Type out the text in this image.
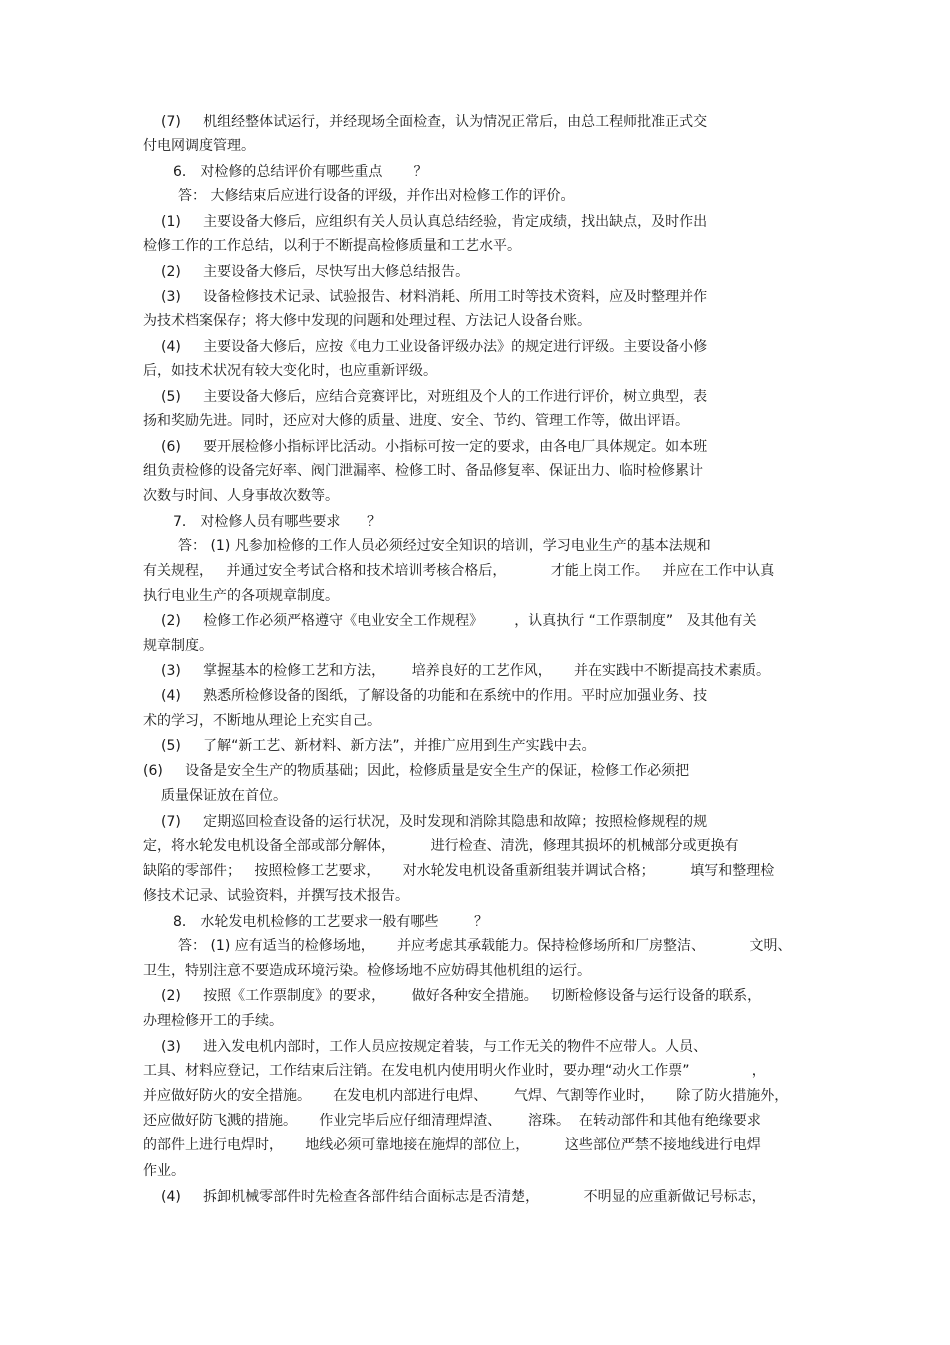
(7)     机组经整体试运行，并经现场全面检查，认为情况正常后，由总工程师批准正式交
付电网调度管理。
6． 对检修的总结评价有哪些重点       ？
答： 大修结束后应进行设备的评级，并作出对检修工作的评价。
(1)     主要设备大修后，应组织有关人员认真总结经验，肯定成绩，找出缺点，及时作出
检修工作的工作总结，以利于不断提高检修质量和工艺水平。
(2)     主要设备大修后，尽快写出大修总结报告。
(3)     设备检修技术记录、试验报告、材料消耗、所用工时等技术资料，应及时整理并作
为技术档案保存；将大修中发现的问题和处理过程、方法记人设备台账。
(4)     主要设备大修后，应按《电力工业设备评级办法》的规定进行评级。主要设备小修
后，如技术状况有较大变化时，也应重新评级。
(5)     主要设备大修后，应结合竞赛评比，对班组及个人的工作进行评价，树立典型，表
扬和奖励先进。同时，还应对大修的质量、进度、安全、节约、管理工作等，做出评语。
(6)     要开展检修小指标评比活动。小指标可按一定的要求，由各电厂具体规定。如本班
组负责检修的设备完好率、阀门泄漏率、检修工时、备品修复率、保证出力、临时检修累计
次数与时间、人身事故次数等。
7． 对检修人员有哪些要求      ？
答： (1) 凡参加检修的工作人员必须经过安全知识的培训，学习电业生产的基本法规和
有关规程，   并通过安全考试合格和技术培训考核合格后，          才能上岗工作。   并应在工作中认真
执行电业生产的各项规章制度。
(2)     检修工作必须严格遵守《电业安全工作规程》       ，认真执行 “工作票制度”   及其他有关
规章制度。
(3)     掌握基本的检修工艺和方法，      培养良好的工艺作风，     并在实践中不断提高技术素质。
(4)     熟悉所检修设备的图纸，了解设备的功能和在系统中的作用。平时应加强业务、技
术的学习，不断地从理论上充实自己。
(5)     了解“新工艺、新材料、新方法”，并推广应用到生产实践中去。
(6)     设备是安全生产的物质基础；因此，检修质量是安全生产的保证，检修工作必须把
质量保证放在首位。
(7)     定期巡回检查设备的运行状况，及时发现和消除其隐患和故障；按照检修规程的规
定，将水轮发电机设备全部或部分解体，        进行检查、清洗，修理其损坏的机械部分或更换有
缺陷的零部件；   按照检修工艺要求，     对水轮发电机设备重新组装并调试合格；        填写和整理检
修技术记录、试验资料，并撰写技术报告。
8． 水轮发电机检修的工艺要求一般有哪些        ？
答： (1) 应有适当的检修场地，     并应考虑其承载能力。保持检修场所和厂房整洁、          文明、
卫生，特别注意不要造成环境污染。检修场地不应妨碍其他机组的运行。
(2)     按照《工作票制度》的要求，      做好各种安全措施。   切断检修设备与运行设备的联系，
办理检修开工的手续。
(3)     进入发电机内部时，工作人员应按规定着装，与工作无关的物件不应带人。人员、
工具、材料应登记，工作结束后注销。在发电机内使用明火作业时，要办理“动火工作票”              ，
并应做好防火的安全措施。     在发电机内部进行电焊、      气焊、气割等作业时，     除了防火措施外，
还应做好防飞溅的措施。     作业完毕后应仔细清理焊渣、      溶珠。  在转动部件和其他有绝缘要求
的部件上进行电焊时，     地线必须可靠地接在施焊的部位上，        这些部位严禁不接地线进行电焊
作业。
(4)     拆卸机械零部件时先检查各部件结合面标志是否清楚，          不明显的应重新做记号标志，
